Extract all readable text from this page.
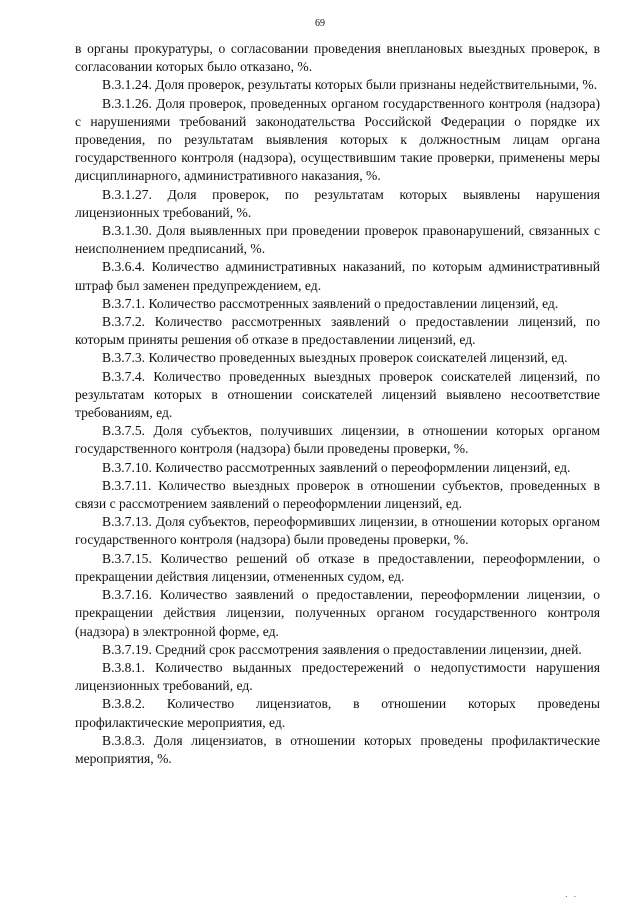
69

в органы прокуратуры, о согласовании проведения внеплановых выездных проверок, в согласовании которых было отказано, %.

В.3.1.24. Доля проверок, результаты которых были признаны недействительными, %.

В.3.1.26. Доля проверок, проведенных органом государственного контроля (надзора) с нарушениями требований законодательства Российской Федерации о порядке их проведения, по результатам выявления которых к должностным лицам органа государственного контроля (надзора), осуществившим такие проверки, применены меры дисциплинарного, административного наказания, %.

В.3.1.27. Доля проверок, по результатам которых выявлены нарушения лицензионных требований, %.

В.3.1.30. Доля выявленных при проведении проверок правонарушений, связанных с неисполнением предписаний, %.

В.3.6.4. Количество административных наказаний, по которым административный штраф был заменен предупреждением, ед.

В.3.7.1. Количество рассмотренных заявлений о предоставлении лицензий, ед.

В.3.7.2. Количество рассмотренных заявлений о предоставлении лицензий, по которым приняты решения об отказе в предоставлении лицензий, ед.

В.3.7.3. Количество проведенных выездных проверок соискателей лицензий, ед.

В.3.7.4. Количество проведенных выездных проверок соискателей лицензий, по результатам которых в отношении соискателей лицензий выявлено несоответствие требованиям, ед.

В.3.7.5. Доля субъектов, получивших лицензии, в отношении которых органом государственного контроля (надзора) были проведены проверки, %.

В.3.7.10. Количество рассмотренных заявлений о переоформлении лицензий, ед.

В.3.7.11. Количество выездных проверок в отношении субъектов, проведенных в связи с рассмотрением заявлений о переоформлении лицензий, ед.

В.3.7.13. Доля субъектов, переоформивших лицензии, в отношении которых органом государственного контроля (надзора) были проведены проверки, %.

В.3.7.15. Количество решений об отказе в предоставлении, переоформлении, о прекращении действия лицензии, отмененных судом, ед.

В.3.7.16. Количество заявлений о предоставлении, переоформлении лицензии, о прекращении действия лицензии, полученных органом государственного контроля (надзора) в электронной форме, ед.

В.3.7.19. Средний срок рассмотрения заявления о предоставлении лицензии, дней.

В.3.8.1. Количество выданных предостережений о недопустимости нарушения лицензионных требований, ед.

В.3.8.2. Количество лицензиатов, в отношении которых проведены профилактические мероприятия, ед.

В.3.8.3. Доля лицензиатов, в отношении которых проведены профилактические мероприятия, %.

. .
